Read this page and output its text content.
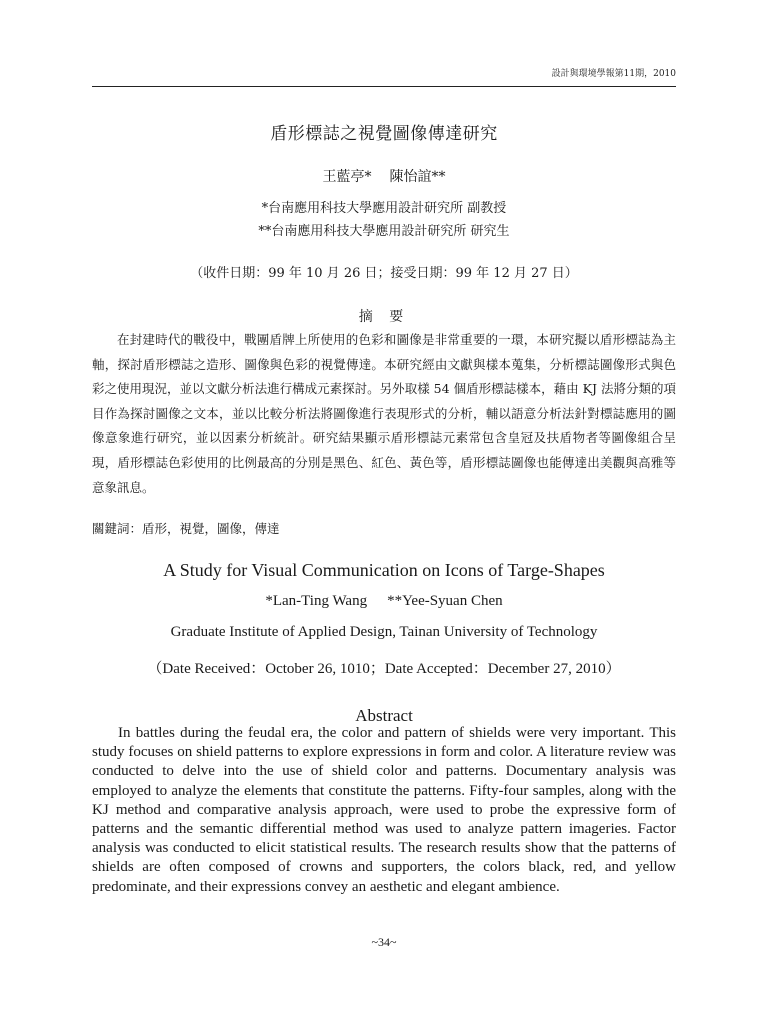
設計與環境學報第11期，2010
盾形標誌之視覺圖像傳達研究
王藍亭* 陳怡誼**
*台南應用科技大學應用設計研究所 副教授
**台南應用科技大學應用設計研究所 研究生
（收件日期：99 年 10 月 26 日；接受日期：99 年 12 月 27 日）
摘 要
在封建時代的戰役中，戰團盾牌上所使用的色彩和圖像是非常重要的一環，本研究擬以盾形標誌為主軸，探討盾形標誌之造形、圖像與色彩的視覺傳達。本研究經由文獻與樣本蒐集，分析標誌圖像形式與色彩之使用現況，並以文獻分析法進行構成元素探討。另外取樣 54 個盾形標誌樣本，藉由 KJ 法將分類的項目作為探討圖像之文本，並以比較分析法將圖像進行表現形式的分析，輔以語意分析法針對標誌應用的圖像意象進行研究，並以因素分析統計。研究結果顯示盾形標誌元素常包含皇冠及扶盾物者等圖像組合呈現，盾形標誌色彩使用的比例最高的分別是黑色、紅色、黃色等，盾形標誌圖像也能傳達出美觀與高雅等意象訊息。
關鍵詞：盾形，視覺，圖像，傳達
A Study for Visual Communication on Icons of Targe-Shapes
*Lan-Ting Wang **Yee-Syuan Chen
Graduate Institute of Applied Design, Tainan University of Technology
（Date Received：October 26, 1010；Date Accepted：December 27, 2010）
Abstract
In battles during the feudal era, the color and pattern of shields were very important. This study focuses on shield patterns to explore expressions in form and color. A literature review was conducted to delve into the use of shield color and patterns. Documentary analysis was employed to analyze the elements that constitute the patterns. Fifty-four samples, along with the KJ method and comparative analysis approach, were used to probe the expressive form of patterns and the semantic differential method was used to analyze pattern imageries. Factor analysis was conducted to elicit statistical results. The research results show that the patterns of shields are often composed of crowns and supporters, the colors black, red, and yellow predominate, and their expressions convey an aesthetic and elegant ambience.
~34~
